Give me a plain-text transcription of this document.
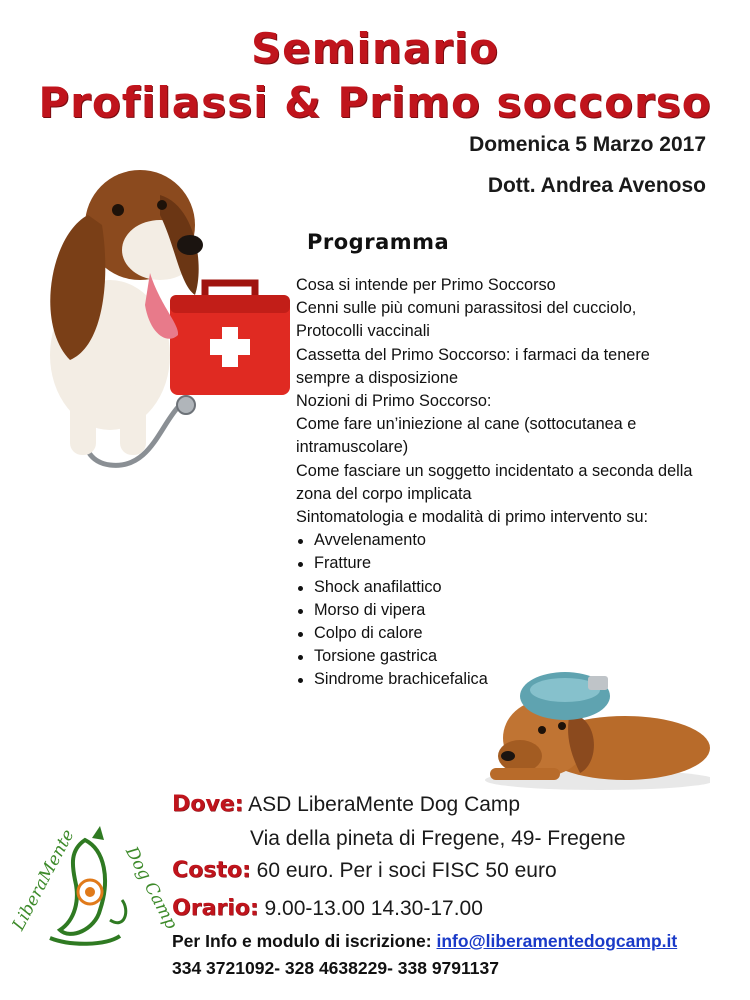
Seminario
Profilassi & Primo soccorso
Domenica 5 Marzo 2017
Dott. Andrea Avenoso
Programma
Cosa si intende per Primo Soccorso
Cenni sulle più comuni parassitosi del cucciolo,
Protocolli vaccinali
Cassetta del Primo Soccorso: i farmaci da tenere
sempre a disposizione
Nozioni di Primo Soccorso:
Come fare un’iniezione al cane (sottocutanea e
intramuscolare)
Come fasciare un soggetto incidentato a seconda della
zona del corpo implicata
Sintomatologia e modalità di primo intervento su:
Avvelenamento
Fratture
Shock anafilattico
Morso di vipera
Colpo di calore
Torsione gastrica
Sindrome brachicefalica
LiberaMente	Dog Camp
Dove: ASD LiberaMente Dog Camp
Via della pineta di Fregene, 49- Fregene
Costo: 60 euro. Per i soci FISC 50 euro
Orario: 9.00-13.00 14.30-17.00
Per Info e modulo di iscrizione: info@liberamentedogcamp.it
334 3721092- 328 4638229- 338 9791137
